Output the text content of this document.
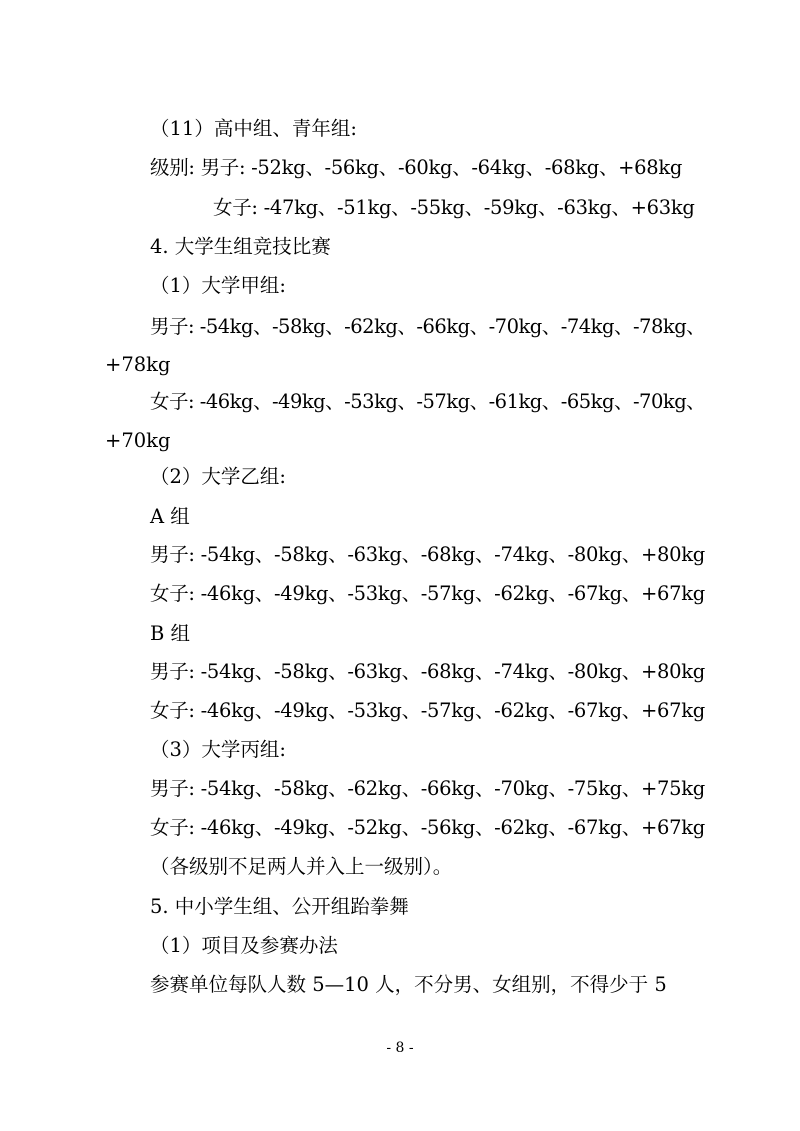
（11）高中组、青年组:
级别: 男子: -52kg、-56kg、-60kg、-64kg、-68kg、+68kg
女子: -47kg、-51kg、-55kg、-59kg、-63kg、+63kg
4. 大学生组竞技比赛
（1）大学甲组:
男子: -54kg、-58kg、-62kg、-66kg、-70kg、-74kg、-78kg、
+78kg
女子: -46kg、-49kg、-53kg、-57kg、-61kg、-65kg、-70kg、
+70kg
（2）大学乙组:
A 组
男子: -54kg、-58kg、-63kg、-68kg、-74kg、-80kg、+80kg
女子: -46kg、-49kg、-53kg、-57kg、-62kg、-67kg、+67kg
B 组
男子: -54kg、-58kg、-63kg、-68kg、-74kg、-80kg、+80kg
女子: -46kg、-49kg、-53kg、-57kg、-62kg、-67kg、+67kg
（3）大学丙组:
男子: -54kg、-58kg、-62kg、-66kg、-70kg、-75kg、+75kg
女子: -46kg、-49kg、-52kg、-56kg、-62kg、-67kg、+67kg
（各级别不足两人并入上一级别）。
5. 中小学生组、公开组跆拳舞
（1）项目及参赛办法
参赛单位每队人数 5—10 人，不分男、女组别，不得少于 5
- 8 -
